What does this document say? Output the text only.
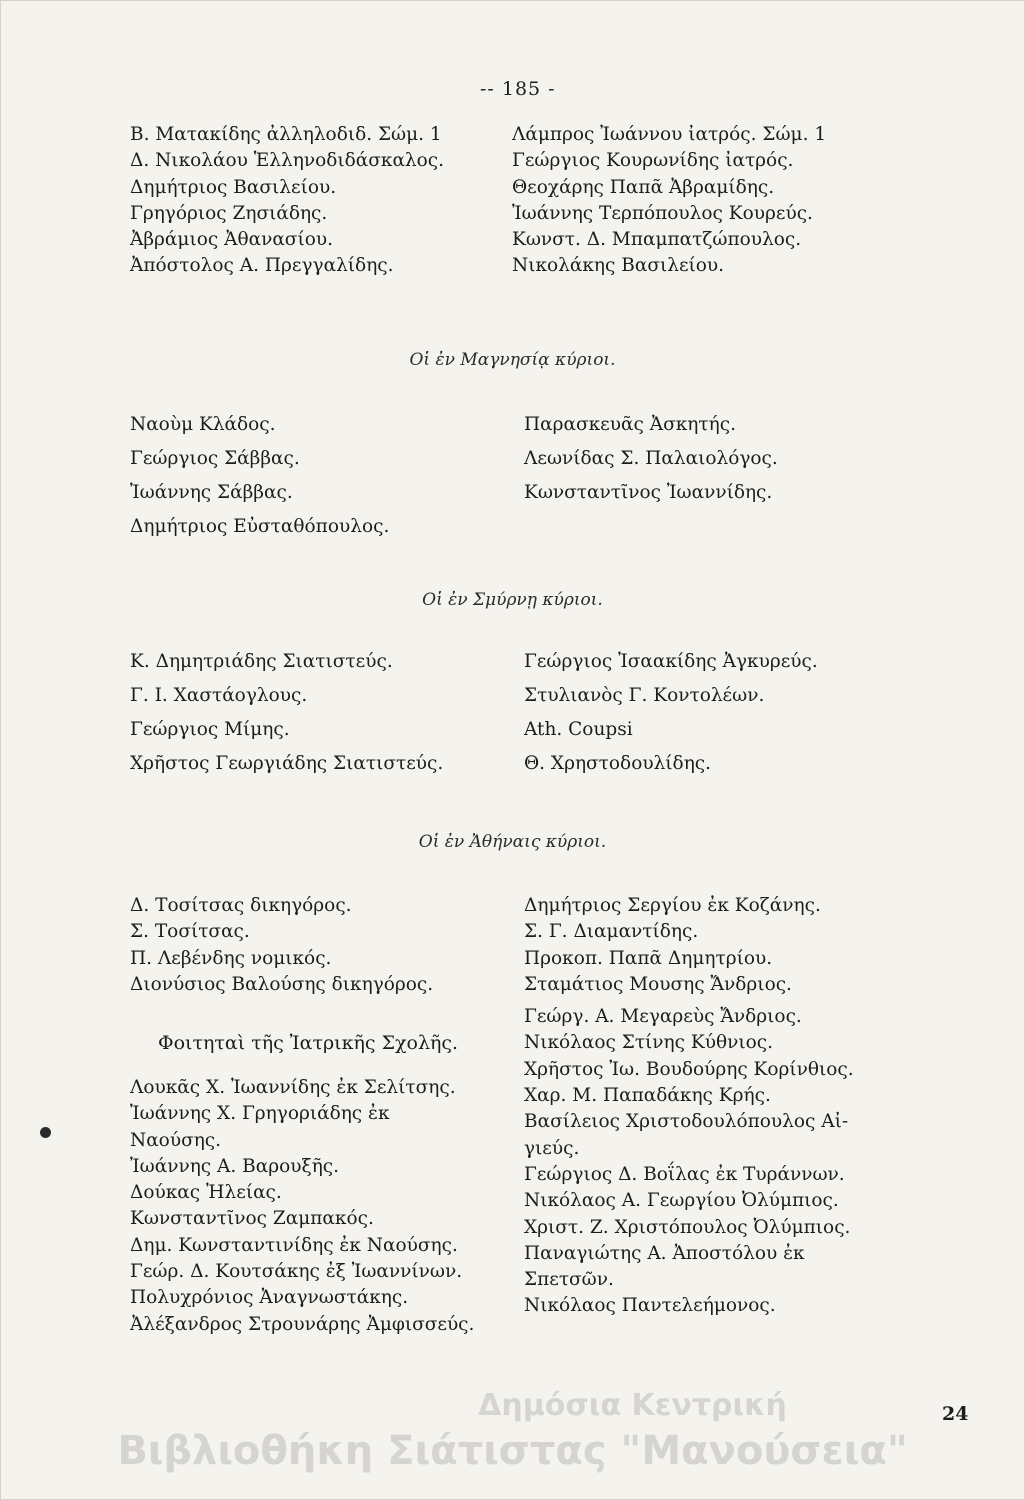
-- 185 -
Β. Ματακίδης ἀλληλοδιδ. Σώμ. 1
Δ. Νικολάου Ἑλληνοδιδάσκαλος.
Δημήτριος Βασιλείου.
Γρηγόριος Ζησιάδης.
Ἀβράμιος Ἀθανασίου.
Ἀπόστολος Α. Πρεγγαλίδης.
Λάμπρος Ἰωάννου ἰατρός. Σώμ. 1
Γεώργιος Κουρωνίδης ἰατρός.
Θεοχάρης Παπᾶ Ἀβραμίδης.
Ἰωάννης Τερπόπουλος Κουρεύς.
Κωνστ. Δ. Μπαμπατζώπουλος.
Νικολάκης Βασιλείου.
Οἱ ἐν Μαγνησίᾳ κύριοι.
Ναοὺμ Κλάδος.
Γεώργιος Σάββας.
Ἰωάννης Σάββας.
Δημήτριος Εὐσταθόπουλος.
Παρασκευᾶς Ἀσκητής.
Λεωνίδας Σ. Παλαιολόγος.
Κωνσταντῖνος Ἰωαννίδης.
Οἱ ἐν Σμύρνῃ κύριοι.
Κ. Δημητριάδης Σιατιστεύς.
Γ. Ι. Χαστάογλους.
Γεώργιος Μίμης.
Χρῆστος Γεωργιάδης Σιατιστεύς.
Γεώργιος Ἰσαακίδης Ἀγκυρεύς.
Στυλιανὸς Γ. Κοντολέων.
Ath. Coupsi
Θ. Χρηστοδουλίδης.
Οἱ ἐν Ἀθήναις κύριοι.
Δ. Τοσίτσας δικηγόρος.
Σ. Τοσίτσας.
Π. Λεβένδης νομικός.
Διονύσιος Βαλούσης δικηγόρος.
Φοιτηταὶ τῆς Ἰατρικῆς Σχολῆς.
Λουκᾶς Χ. Ἰωαννίδης ἐκ Σελίτσης.
Ἰωάννης Χ. Γρηγοριάδης ἐκ
Ναούσης.
Ἰωάννης Α. Βαρουξῆς.
Δούκας Ἠλείας.
Κωνσταντῖνος Ζαμπακός.
Δημ. Κωνσταντινίδης ἐκ Ναούσης.
Γεώρ. Δ. Κουτσάκης ἐξ Ἰωαννίνων.
Πολυχρόνιος Ἀναγνωστάκης.
Ἀλέξανδρος Στρουνάρης Ἀμφισσεύς.
Δημήτριος Σεργίου ἐκ Κοζάνης.
Σ. Γ. Διαμαντίδης.
Προκοπ. Παπᾶ Δημητρίου.
Σταμάτιος Μουσης Ἄνδριος.
Γεώργ. Α. Μεγαρεὺς Ἄνδριος.
Νικόλαος Στίνης Κύθνιος.
Χρῆστος Ἰω. Βουδούρης Κορίνθιος.
Χαρ. Μ. Παπαδάκης Κρής.
Βασίλειος Χριστοδουλόπουλος Αἰ-
γιεύς.
Γεώργιος Δ. Βοΐλας ἐκ Τυράννων.
Νικόλαος Α. Γεωργίου Ὀλύμπιος.
Χριστ. Ζ. Χριστόπουλος Ὀλύμπιος.
Παναγιώτης Α. Ἀποστόλου ἐκ
Σπετσῶν.
Νικόλαος Παντελεήμονος.
24
Δημόσια Κεντρική
Βιβλιοθήκη Σιάτιστας "Μανούσεια"
